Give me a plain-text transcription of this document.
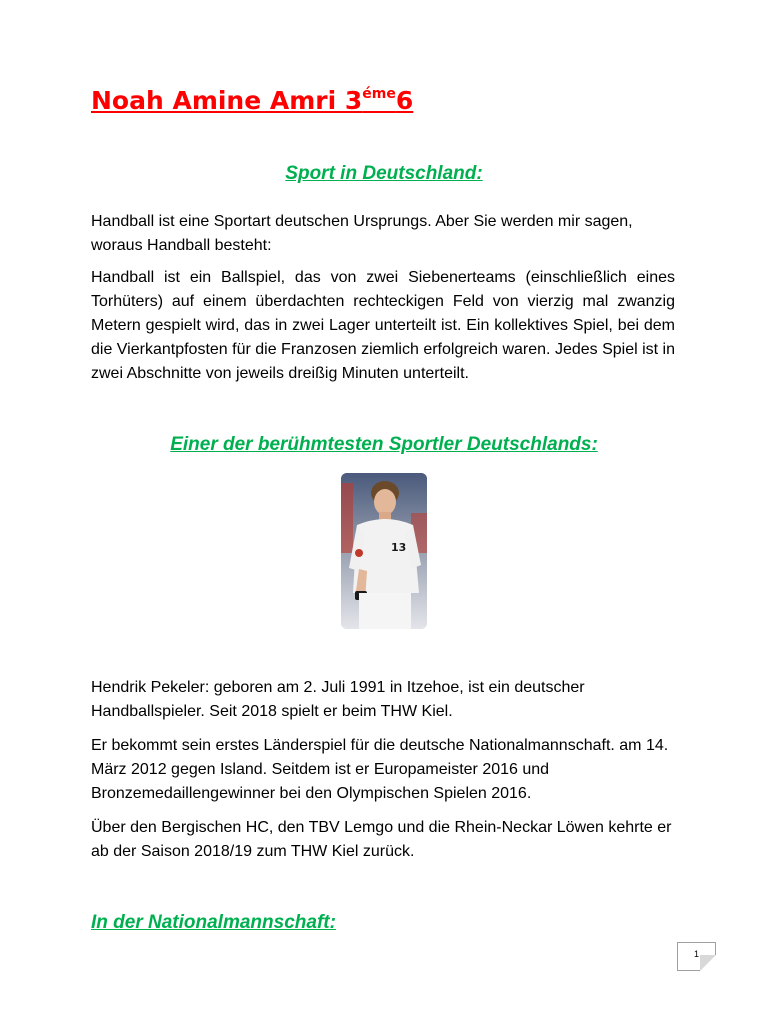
Noah Amine Amri $3^{éme}6$
Sport in Deutschland:

Handball ist eine Sportart deutschen Ursprungs. Aber Sie werden mir sagen, woraus Handball besteht:

Handball ist ein Ballspiel, das von zwei Siebenerteams (einschließlich eines Torhüters) auf einem überdachten rechteckigen Feld von vierzig mal zwanzig Metern gespielt wird, das in zwei Lager unterteilt ist. Ein kollektives Spiel, bei dem die Vierkantpfosten für die Franzosen ziemlich erfolgreich waren. Jedes Spiel ist in zwei Abschnitte von jeweils dreißig Minuten unterteilt.

Einer der berühmtesten Sportler Deutschlands:
13

Hendrik Pekeler: geboren am 2. Juli 1991 in Itzehoe, ist ein deutscher Handballspieler. Seit 2018 spielt er beim THW Kiel.

Er bekommt sein erstes Länderspiel für die deutsche Nationalmannschaft. am 14. März 2012 gegen Island. Seitdem ist er Europameister 2016 und Bronzemedaillengewinner bei den Olympischen Spielen 2016.

Über den Bergischen HC, den TBV Lemgo und die Rhein-Neckar Löwen kehrte er ab der Saison 2018/19 zum THW Kiel zurück.

In der Nationalmannschaft:
1
